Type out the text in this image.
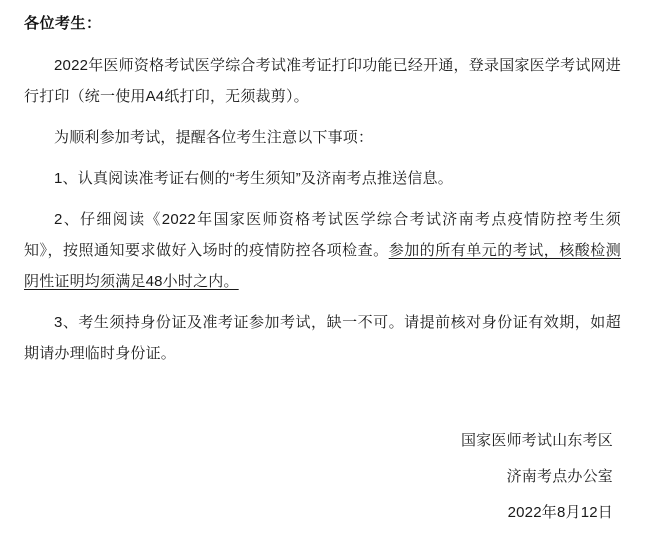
各位考生：

2022年医师资格考试医学综合考试准考证打印功能已经开通，登录国家医学考试网进行打印（统一使用A4纸打印，无须裁剪）。

为顺利参加考试，提醒各位考生注意以下事项：

1、认真阅读准考证右侧的“考生须知”及济南考点推送信息。

2、仔细阅读《2022年国家医师资格考试医学综合考试济南考点疫情防控考生须知》，按照通知要求做好入场时的疫情防控各项检查。参加的所有单元的考试，核酸检测阴性证明均须满足48小时之内。

3、考生须持身份证及准考证参加考试，缺一不可。请提前核对身份证有效期，如超期请办理临时身份证。

国家医师考试山东考区
济南考点办公室
2022年8月12日
